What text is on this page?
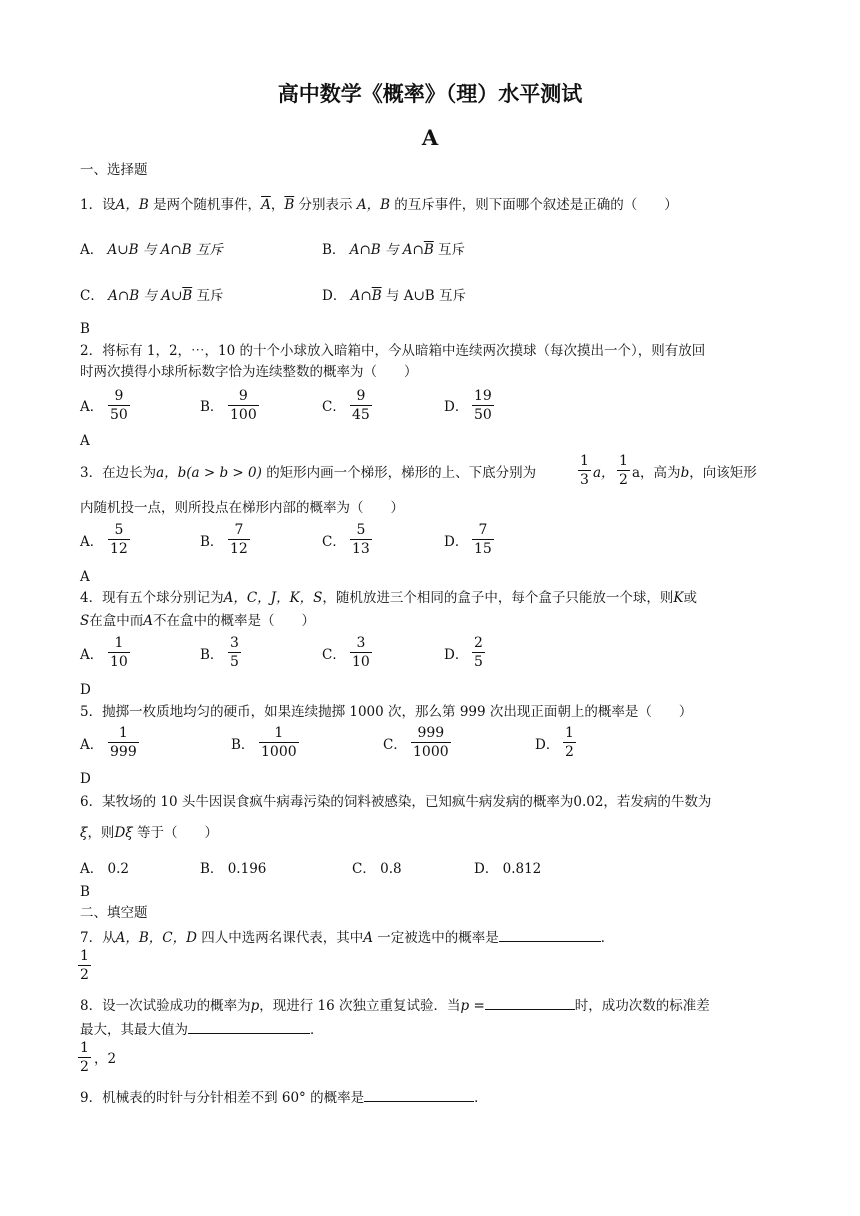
高中数学《概率》（理）水平测试
A
一、选择题
1．设A，B 是两个随机事件，$\overline{A}$，$\overline{B}$ 分别表示 A，B 的互斥事件，则下面哪个叙述是正确的（　　）
A． A∪B 与 A∩B 互斥	B． A∩B 与 $A\cap\overline{B}$ 互斥
C． A∩B 与 $A\cup\overline{B}$ 互斥	D． $A\cap\overline{B}$ 与 A∪B 互斥
B
2．将标有 1，2，⋯，10 的十个小球放入暗箱中，今从暗箱中连续两次摸球（每次摸出一个），则有放回
时两次摸得小球所标数字恰为连续整数的概率为（　　）
A． $\frac{9}{50}$	B． $\frac{9}{100}$	C． $\frac{9}{45}$	D． $\frac{19}{50}$
A
3．在边长为a，b(a > b > 0) 的矩形内画一个梯形，梯形的上、下底分别为	$\frac{1}{3}$ a， $\frac{1}{2}$ a，高为b，向该矩形
内随机投一点，则所投点在梯形内部的概率为（　　）
A． $\frac{5}{12}$	B． $\frac{7}{12}$	C． $\frac{5}{13}$	D． $\frac{7}{15}$
A
4．现有五个球分别记为A，C，J，K，S，随机放进三个相同的盒子中，每个盒子只能放一个球，则K或
S在盒中而A不在盒中的概率是（　　）
A． $\frac{1}{10}$	B． $\frac{3}{5}$	C． $\frac{3}{10}$	D． $\frac{2}{5}$
D
5．抛掷一枚质地均匀的硬币，如果连续抛掷 1000 次，那么第 999 次出现正面朝上的概率是（　　）
A． $\frac{1}{999}$	B． $\frac{1}{1000}$	C． $\frac{999}{1000}$	D． $\frac{1}{2}$
D
6．某牧场的 10 头牛因误食疯牛病毒污染的饲料被感染，已知疯牛病发病的概率为0.02，若发病的牛数为
ξ，则Dξ 等于（　　）
A． 0.2	B． 0.196	C． 0.8	D． 0.812
B
二、填空题
7．从A，B，C，D 四人中选两名课代表，其中A 一定被选中的概率是	．
$\frac{1}{2}$
8．设一次试验成功的概率为p，现进行 16 次独立重复试验．当p =	时，成功次数的标准差
最大，其最大值为	．
$\frac{1}{2}$ ，2
9．机械表的时针与分针相差不到 60° 的概率是	．
